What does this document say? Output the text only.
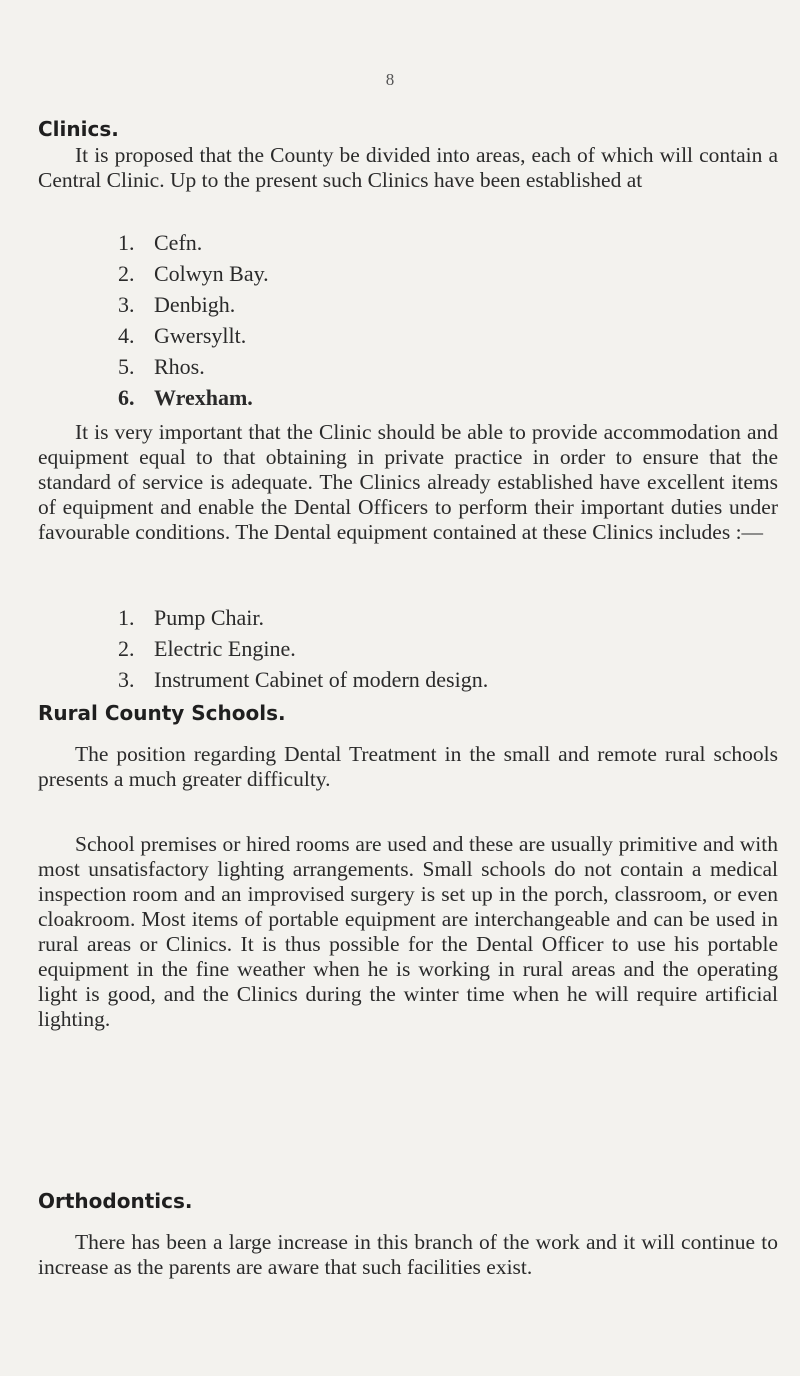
8
Clinics.

It is proposed that the County be divided into areas, each of which will contain a Central Clinic. Up to the present such Clinics have been established at

1. Cefn.
2. Colwyn Bay.
3. Denbigh.
4. Gwersyllt.
5. Rhos.
6. Wrexham.

It is very important that the Clinic should be able to provide accommodation and equipment equal to that obtaining in private practice in order to ensure that the standard of service is adequate. The Clinics already established have excellent items of equipment and enable the Dental Officers to perform their important duties under favourable conditions. The Dental equipment contained at these Clinics includes :—

1. Pump Chair.
2. Electric Engine.
3. Instrument Cabinet of modern design.
Rural County Schools.

The position regarding Dental Treatment in the small and remote rural schools presents a much greater difficulty.

School premises or hired rooms are used and these are usually primitive and with most unsatisfactory lighting arrangements. Small schools do not contain a medical inspection room and an improvised surgery is set up in the porch, classroom, or even cloakroom. Most items of portable equipment are interchangeable and can be used in rural areas or Clinics. It is thus possible for the Dental Officer to use his portable equipment in the fine weather when he is working in rural areas and the operating light is good, and the Clinics during the winter time when he will require artificial lighting.

Orthodontics.

There has been a large increase in this branch of the work and it will continue to increase as the parents are aware that such facilities exist.
